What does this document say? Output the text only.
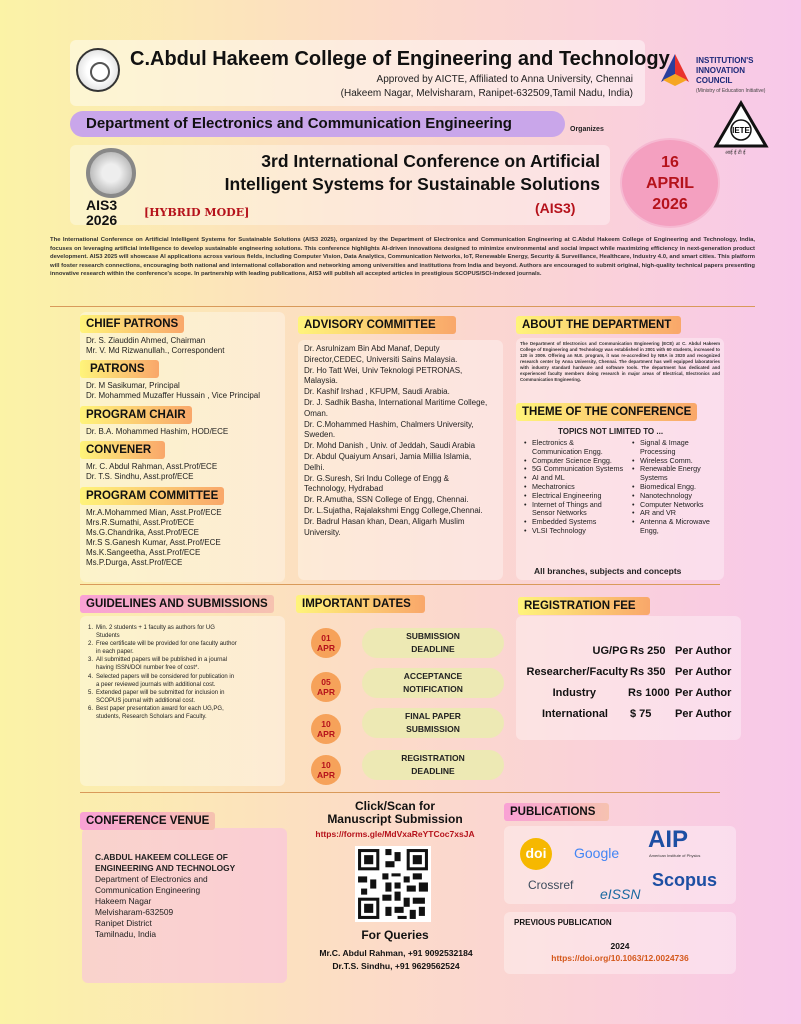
C.Abdul Hakeem College of Engineering and Technology
Approved by AICTE, Affiliated to Anna University, Chennai
(Hakeem Nagar, Melvisharam, Ranipet-632509,Tamil Nadu, India)
INSTITUTION'S
INNOVATION
COUNCIL
(Ministry of Education Initiative)
Department of Electronics and Communication Engineering	Organizes	IETE
आई ई टी ई
AIS3
2026
3rd International Conference on Artificial
Intelligent Systems for Sustainable Solutions
[HYBRID MODE]	(AIS3)
16
APRIL
2026
The International Conference on Artificial Intelligent Systems for Sustainable Solutions (AIS3 2025), organized by the Department of Electronics and Communication Engineering at C.Abdul Hakeem College of Engineering and Technology, India, focuses on leveraging artificial intelligence to develop sustainable engineering solutions. This conference highlights AI-driven innovations designed to minimize environmental and social impact while maximizing efficiency in next-generation product development. AIS3 2025 will showcase AI applications across various fields, including Computer Vision, Data Analytics, Communication Networks, IoT, Renewable Energy, Security & Surveillance, Healthcare, Industry 4.0, and smart cities. This platform will foster research connections, encouraging both national and international collaboration and networking among universities and institutions from India and beyond. Authors are encouraged to submit original, high-quality technical papers presenting innovative research within the conference's scope. In partnership with leading publications, AIS3 will publish all accepted articles in prestigious SCOPUS/SCI-indexed journals.
CHIEF PATRONS
Dr. S. Ziauddin Ahmed, Chairman
Mr. V. Md Rizwanullah., Correspondent
PATRONS
Dr. M Sasikumar, Principal
Dr. Mohammed Muzaffer Hussain , Vice Principal
PROGRAM CHAIR
Dr. B.A. Mohammed Hashim, HOD/ECE
CONVENER
Mr. C. Abdul Rahman, Asst.Prof/ECE
Dr. T.S. Sindhu, Asst.prof/ECE
PROGRAM COMMITTEE
Mr.A.Mohammed Mian, Asst.Prof/ECE
Mrs.R.Sumathi, Asst.Prof/ECE
Ms.G.Chandrika, Asst.Prof/ECE
Mr.S S.Ganesh Kumar, Asst.Prof/ECE
Ms.K.Sangeetha, Asst.Prof/ECE
Ms.P.Durga, Asst.Prof/ECE
ADVISORY COMMITTEE
Dr. Asrulnizam Bin Abd Manaf, Deputy
Director,CEDEC, Universiti Sains Malaysia.
Dr. Ho Tatt Wei, Univ Teknologi PETRONAS,
Malaysia.
Dr. Kashif Irshad , KFUPM, Saudi Arabia.
Dr. J. Sadhik Basha, International Maritime College,
Oman.
Dr. C.Mohammed Hashim, Chalmers University,
Sweden.
Dr. Mohd Danish , Univ. of Jeddah, Saudi Arabia
Dr. Abdul Quaiyum Ansari, Jamia Millia Islamia,
Delhi.
Dr. G.Suresh, Sri Indu College of Engg &
Technology, Hydrabad
Dr. R.Amutha, SSN College of Engg, Chennai.
Dr. L.Sujatha, Rajalakshmi Engg College,Chennai.
Dr. Badrul Hasan khan, Dean, Aligarh Muslim
University.
ABOUT THE DEPARTMENT
The Department of Electronics and Communication Engineering (ECE) at C. Abdul Hakeem College of Engineering and Technology was established in 2001 with 60 students, increased to 120 in 2009. Offering an M.E. program, it was re-accredited by NBA in 2020 and recognized research center by Anna University, Chennai. The department has well equipped laboratories with industry standard hardware and software tools. The department has dedicated and experienced faculty members doing research in major areas of Electrical, Electronics and Communication Engineering.
THEME OF THE CONFERENCE
TOPICS NOT LIMITED TO ...
• Electronics & Communication Engg.
• Computer Science Engg.
• 5G Communication Systems
• AI and ML
• Mechatronics
• Electrical Engineering
• Internet of Things and Sensor Networks
• Embedded Systems
• VLSI Technology
• Signal & Image Processing
• Wireless Comm.
• Renewable Energy Systems
• Biomedical Engg.
• Nanotechnology
• Computer Networks
• AR and VR
• Antenna & Microwave Engg,
All branches, subjects and concepts
GUIDELINES AND SUBMISSIONS
1. Min. 2 students + 1 faculty as authors for UG Students
2. Free certificate will be provided for one faculty author in each paper.
3. All submitted papers will be published in a journal having ISSN/DOI number free of cost*.
4. Selected papers will be considered for publication in a peer reviewed journals with additional cost.
5. Extended paper will be submitted for inclusion in SCOPUS journal with additional cost.
6. Best paper presentation award for each UG,PG, students, Research Scholars and Faculty.
IMPORTANT DATES
01
APR
SUBMISSION
DEADLINE
05
APR
ACCEPTANCE
NOTIFICATION
10
APR
FINAL PAPER
SUBMISSION
10
APR
REGISTRATION
DEADLINE
REGISTRATION FEE
UG/PG Rs 250 Per Author
Researcher/Faculty Rs 350 Per Author
Industry	Rs 1000 Per Author
International $ 75 Per Author
CONFERENCE VENUE
C.ABDUL HAKEEM COLLEGE OF
ENGINEERING AND TECHNOLOGY
Department of Electronics and
Communication Engineering
Hakeem Nagar
Melvisharam-632509
Ranipet District
Tamilnadu, India
Click/Scan for
Manuscript Submission
https://forms.gle/MdVxaReYTCoc7xsJA
For Queries
Mr.C. Abdul Rahman, +91 9092532184
Dr.T.S. Sindhu, +91 9629562524
PUBLICATIONS
doi	Google AIP
American Institute of Physics
Crossref
eISSN
Scopus
PREVIOUS PUBLICATION
2024
https://doi.org/10.1063/12.0024736
